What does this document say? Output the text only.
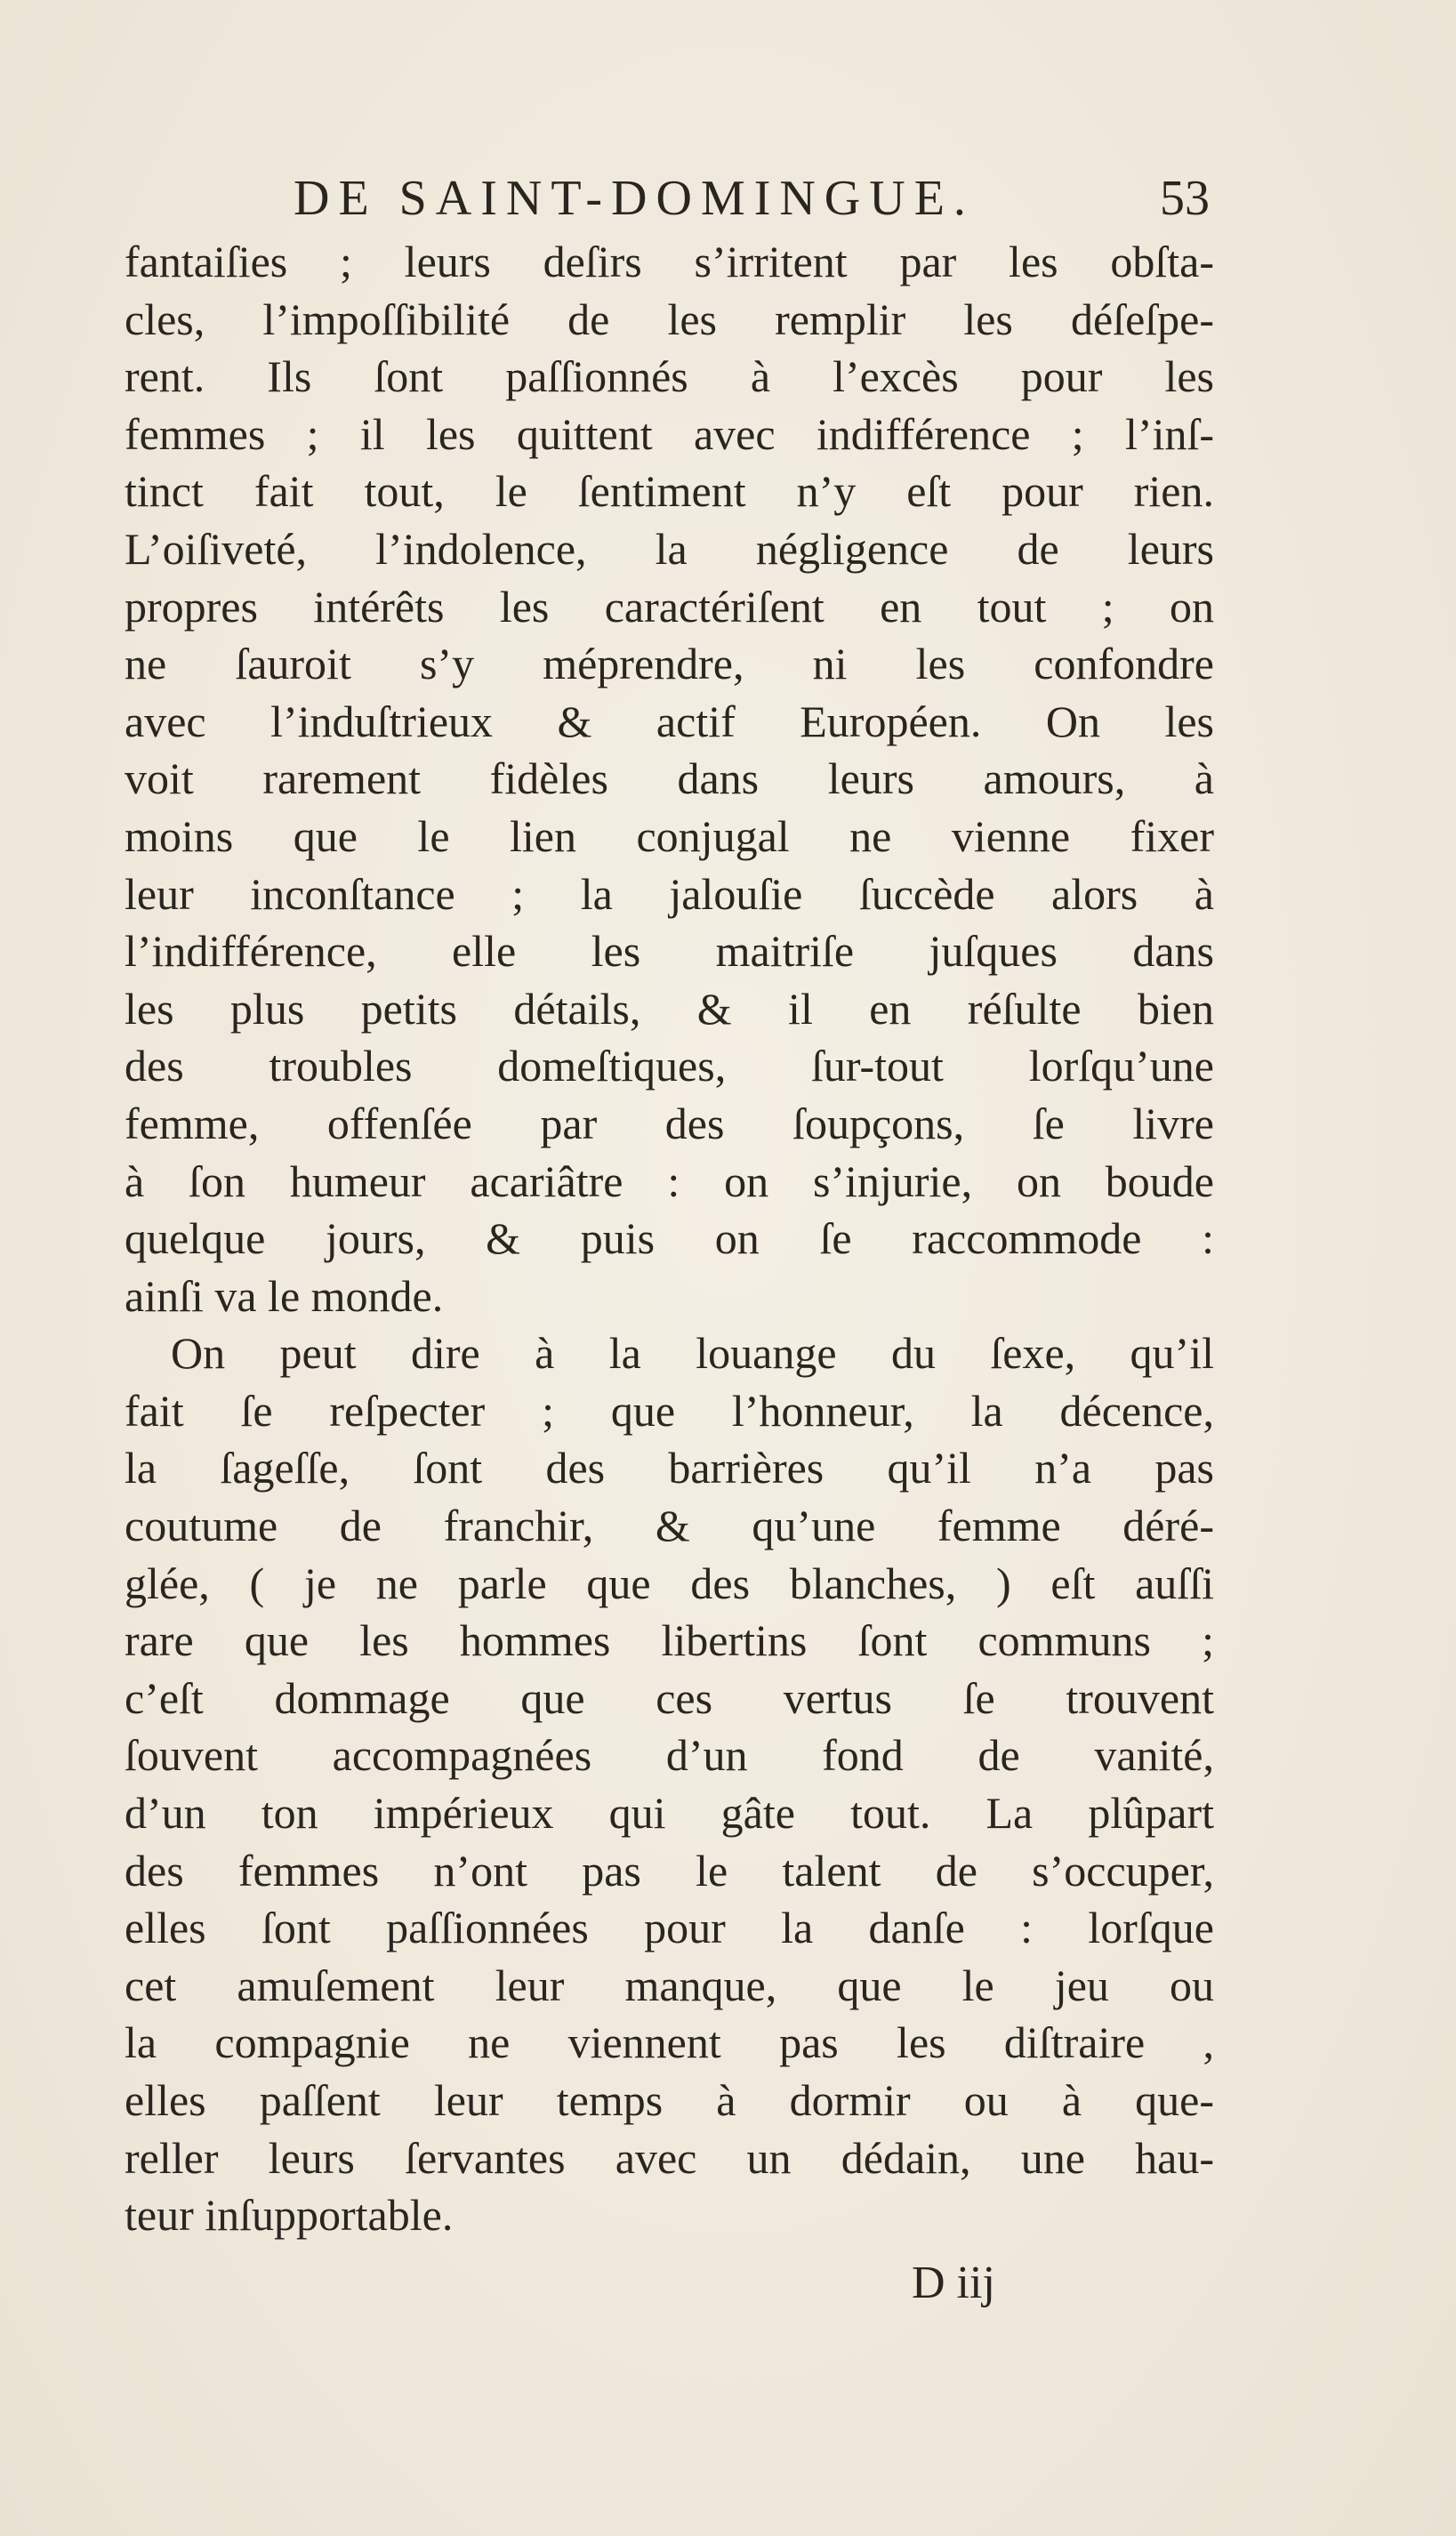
DE SAINT-DOMINGUE.	53
fantaiſies ; leurs deſirs s’irritent par les obſta-
cles, l’impoſſibilité de les remplir les déſeſpe-
rent. Ils ſont paſſionnés à l’excès pour les
femmes ; il les quittent avec indifférence ; l’inſ-
tinct fait tout, le ſentiment n’y eſt pour rien.
L’oiſiveté, l’indolence, la négligence de leurs
propres intérêts les caractériſent en tout ; on
ne ſauroit s’y méprendre, ni les confondre
avec l’induſtrieux & actif Européen. On les
voit rarement fidèles dans leurs amours, à
moins que le lien conjugal ne vienne fixer
leur inconſtance ; la jalouſie ſuccède alors à
l’indifférence, elle les maitriſe juſques dans
les plus petits détails, & il en réſulte bien
des troubles domeſtiques, ſur-tout lorſqu’une
femme, offenſée par des ſoupçons, ſe livre
à ſon humeur acariâtre : on s’injurie, on boude
quelque jours, & puis on ſe raccommode :
ainſi va le monde.
On peut dire à la louange du ſexe, qu’il
fait ſe reſpecter ; que l’honneur, la décence,
la ſageſſe, ſont des barrières qu’il n’a pas
coutume de franchir, & qu’une femme déré-
glée, ( je ne parle que des blanches, ) eſt auſſi
rare que les hommes libertins ſont communs ;
c’eſt dommage que ces vertus ſe trouvent
ſouvent accompagnées d’un fond de vanité,
d’un ton impérieux qui gâte tout. La plûpart
des femmes n’ont pas le talent de s’occuper,
elles ſont paſſionnées pour la danſe : lorſque
cet amuſement leur manque, que le jeu ou
la compagnie ne viennent pas les diſtraire ,
elles paſſent leur temps à dormir ou à que-
reller leurs ſervantes avec un dédain, une hau-
teur inſupportable.
D iij
